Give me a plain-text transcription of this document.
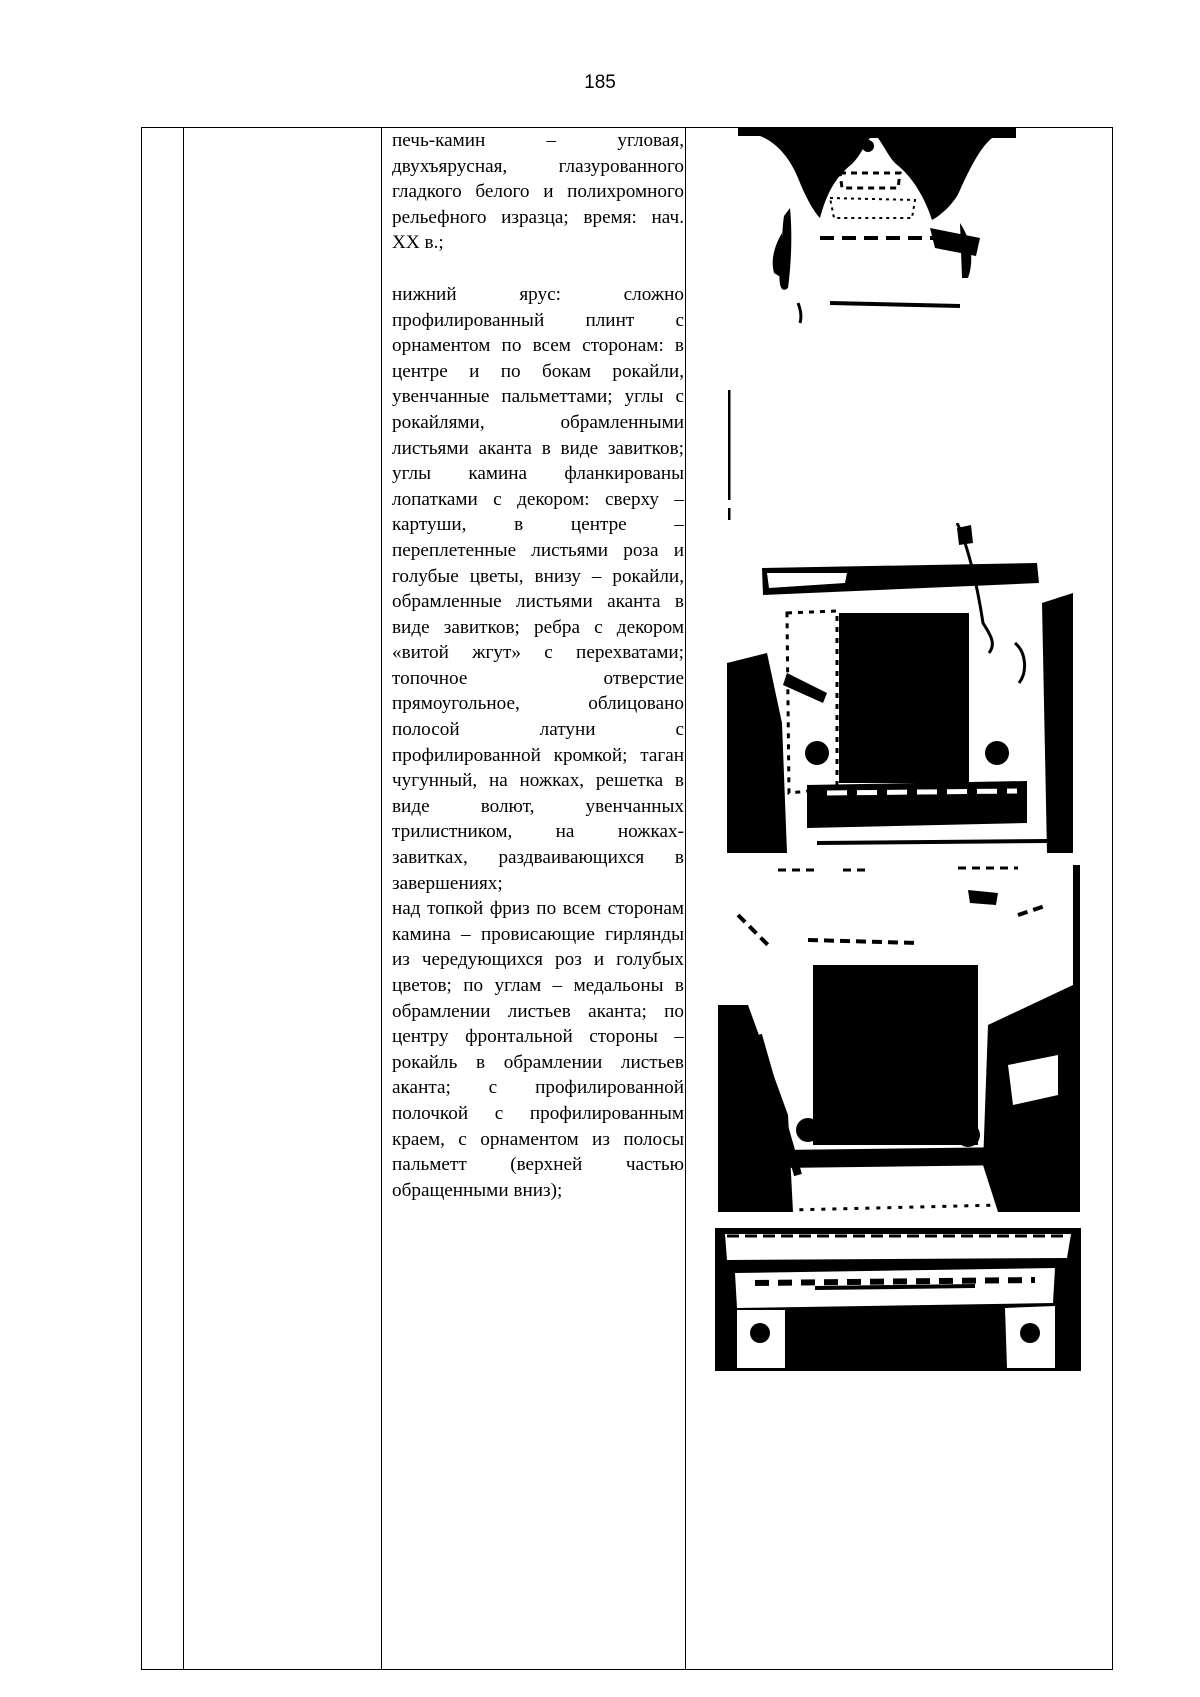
185

печь-камин – угловая, двухъярусная, глазурованного гладкого белого и полихромного рельефного изразца; время: нач. XX в.;

нижний ярус: сложно профилированный плинт с орнаментом по всем сторонам: в центре и по бокам рокайли, увенчанные пальметтами; углы с рокайлями, обрамленными листьями аканта в виде завитков; углы камина фланкированы лопатками с декором: сверху – картуши, в центре – переплетенные листьями роза и голубые цветы, внизу – рокайли, обрамленные листьями аканта в виде завитков; ребра с декором «витой жгут» с перехватами; топочное отверстие прямоугольное, облицовано полосой латуни с профилированной кромкой; таган чугунный, на ножках, решетка в виде волют, увенчанных трилистником, на ножках- завитках, раздваивающихся в завершениях;

над топкой фриз по всем сторонам камина – провисающие гирлянды из чередующихся роз и голубых цветов; по углам – медальоны в обрамлении листьев аканта; по центру фронтальной стороны – рокайль в обрамлении листьев аканта; с профилированной полочкой с профилированным краем, с орнаментом из полосы пальметт (верхней частью обращенными вниз);
